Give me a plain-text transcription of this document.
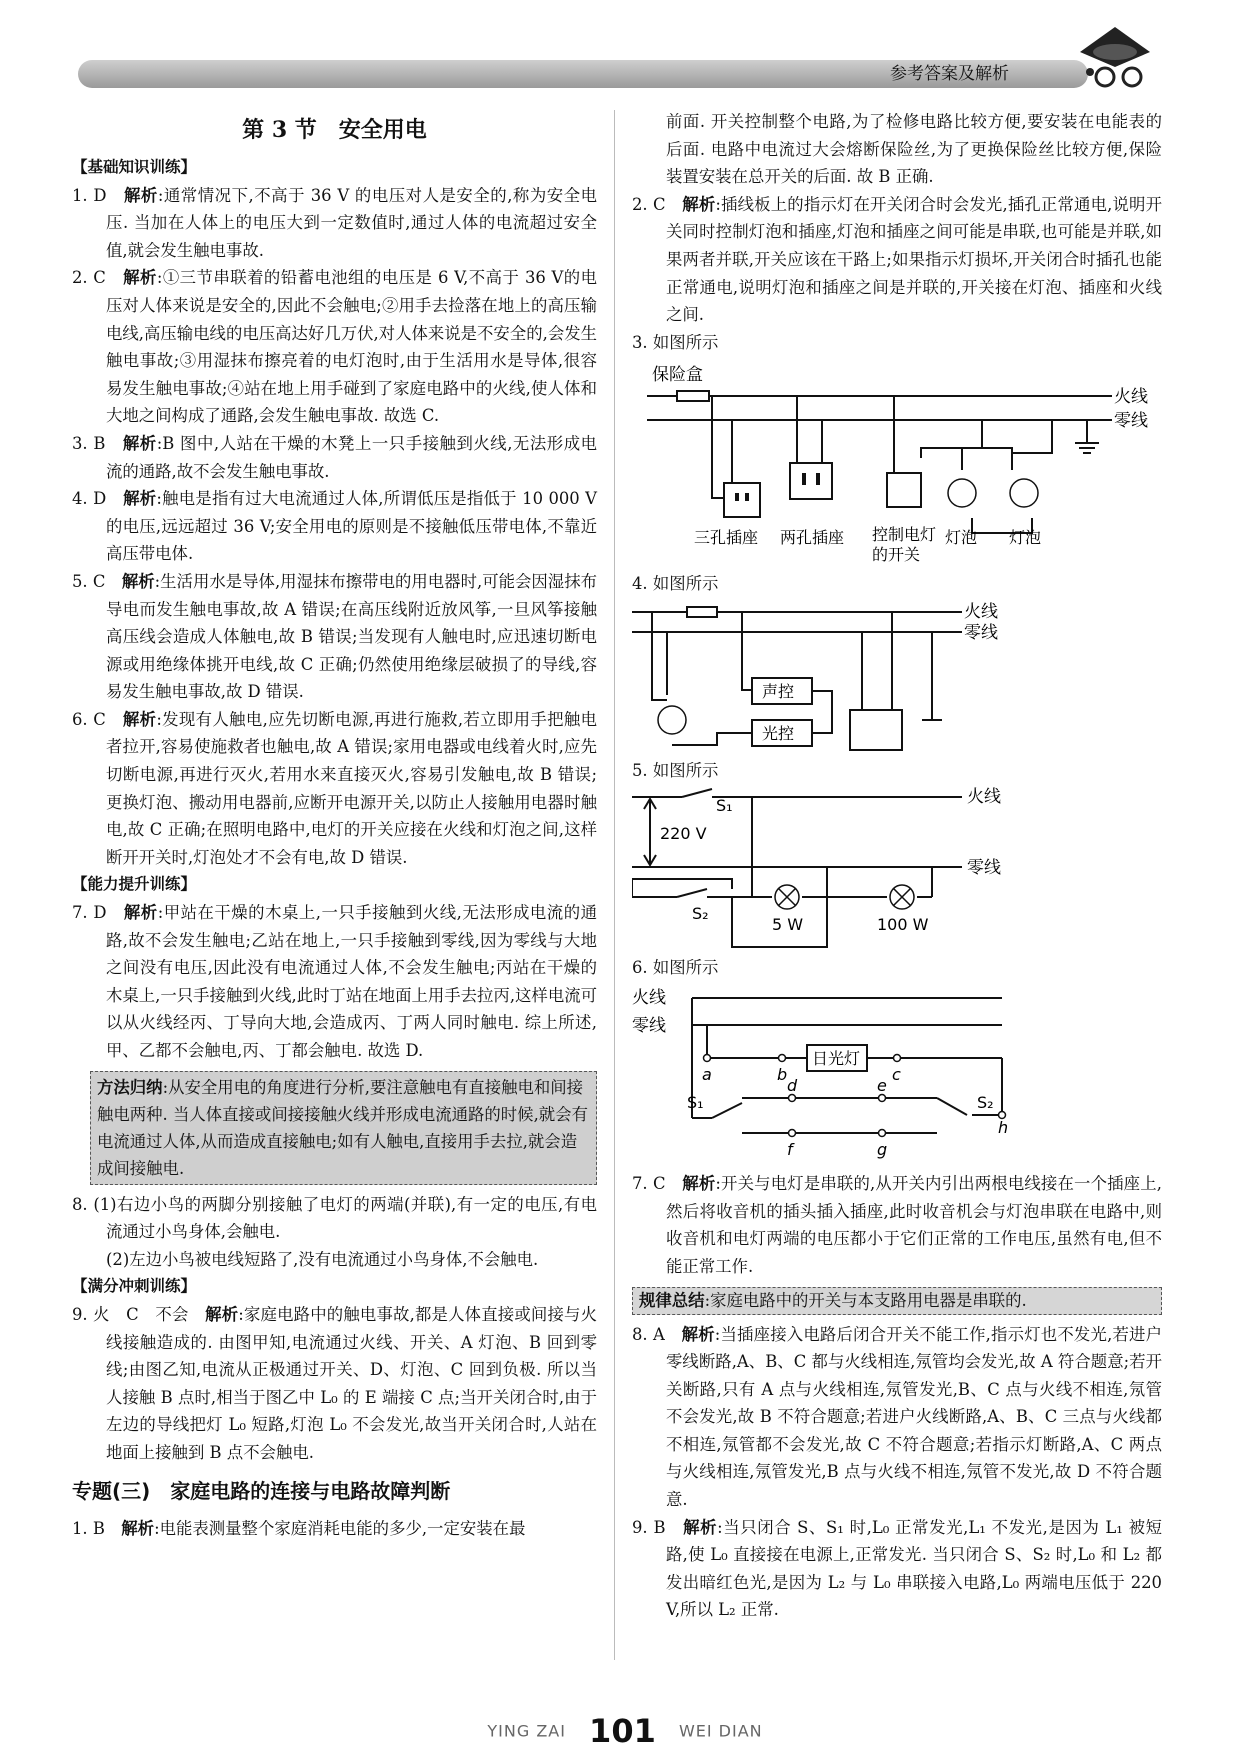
参考答案及解析

第 3 节　安全用电

【基础知识训练】

1. D　解析:通常情况下,不高于 36 V 的电压对人是安全的,称为安全电压. 当加在人体上的电压大到一定数值时,通过人体的电流超过安全值,就会发生触电事故.

2. C　解析:①三节串联着的铅蓄电池组的电压是 6 V,不高于 36 V的电压对人体来说是安全的,因此不会触电;②用手去捡落在地上的高压输电线,高压输电线的电压高达好几万伏,对人体来说是不安全的,会发生触电事故;③用湿抹布擦亮着的电灯泡时,由于生活用水是导体,很容易发生触电事故;④站在地上用手碰到了家庭电路中的火线,使人体和大地之间构成了通路,会发生触电事故. 故选 C.

3. B　解析:B 图中,人站在干燥的木凳上一只手接触到火线,无法形成电流的通路,故不会发生触电事故.

4. D　解析:触电是指有过大电流通过人体,所谓低压是指低于 10 000 V 的电压,远远超过 36 V;安全用电的原则是不接触低压带电体,不靠近高压带电体.

5. C　解析:生活用水是导体,用湿抹布擦带电的用电器时,可能会因湿抹布导电而发生触电事故,故 A 错误;在高压线附近放风筝,一旦风筝接触高压线会造成人体触电,故 B 错误;当发现有人触电时,应迅速切断电源或用绝缘体挑开电线,故 C 正确;仍然使用绝缘层破损了的导线,容易发生触电事故,故 D 错误.

6. C　解析:发现有人触电,应先切断电源,再进行施救,若立即用手把触电者拉开,容易使施救者也触电,故 A 错误;家用电器或电线着火时,应先切断电源,再进行灭火,若用水来直接灭火,容易引发触电,故 B 错误;更换灯泡、搬动用电器前,应断开电源开关,以防止人接触用电器时触电,故 C 正确;在照明电路中,电灯的开关应接在火线和灯泡之间,这样断开开关时,灯泡处才不会有电,故 D 错误.

【能力提升训练】

7. D　解析:甲站在干燥的木桌上,一只手接触到火线,无法形成电流的通路,故不会发生触电;乙站在地上,一只手接触到零线,因为零线与大地之间没有电压,因此没有电流通过人体,不会发生触电;丙站在干燥的木桌上,一只手接触到火线,此时丁站在地面上用手去拉丙,这样电流可以从火线经丙、丁导向大地,会造成丙、丁两人同时触电. 综上所述,甲、乙都不会触电,丙、丁都会触电. 故选 D.

方法归纳:从安全用电的角度进行分析,要注意触电有直接触电和间接触电两种. 当人体直接或间接接触火线并形成电流通路的时候,就会有电流通过人体,从而造成直接触电;如有人触电,直接用手去拉,就会造成间接触电.

8. (1)右边小鸟的两脚分别接触了电灯的两端(并联),有一定的电压,有电流通过小鸟身体,会触电.

(2)左边小鸟被电线短路了,没有电流通过小鸟身体,不会触电.

【满分冲刺训练】

9. 火　C　不会　解析:家庭电路中的触电事故,都是人体直接或间接与火线接触造成的. 由图甲知,电流通过火线、开关、A 灯泡、B 回到零线;由图乙知,电流从正极通过开关、D、灯泡、C 回到负极. 所以当人接触 B 点时,相当于图乙中 L₀ 的 E 端接 C 点;当开关闭合时,由于左边的导线把灯 L₀ 短路,灯泡 L₀ 不会发光,故当开关闭合时,人站在地面上接触到 B 点不会触电.

专题(三)　家庭电路的连接与电路故障判断

1. B　解析:电能表测量整个家庭消耗电能的多少,一定安装在最

前面. 开关控制整个电路,为了检修电路比较方便,要安装在电能表的后面. 电路中电流过大会熔断保险丝,为了更换保险丝比较方便,保险装置安装在总开关的后面. 故 B 正确.

2. C　解析:插线板上的指示灯在开关闭合时会发光,插孔正常通电,说明开关同时控制灯泡和插座,灯泡和插座之间可能是串联,也可能是并联,如果两者并联,开关应该在干路上;如果指示灯损坏,开关闭合时插孔也能正常通电,说明灯泡和插座之间是并联的,开关接在灯泡、插座和火线之间.

3. 如图所示

保险盒
火线
零线
三孔插座 两孔插座 控制电灯
的开关
灯泡 灯泡

4. 如图所示

火线
零线
声控
光控

5. 如图所示

S₁
S₂
220 V
火线
零线
5 W	100 W

6. 如图所示

火线
零线
日光灯
a	b	c
d	e
f	g
h
S₁	S₂

7. C　解析:开关与电灯是串联的,从开关内引出两根电线接在一个插座上,然后将收音机的插头插入插座,此时收音机会与灯泡串联在电路中,则收音机和电灯两端的电压都小于它们正常的工作电压,虽然有电,但不能正常工作.

规律总结:家庭电路中的开关与本支路用电器是串联的.

8. A　解析:当插座接入电路后闭合开关不能工作,指示灯也不发光,若进户零线断路,A、B、C 都与火线相连,氖管均会发光,故 A 符合题意;若开关断路,只有 A 点与火线相连,氖管发光,B、C 点与火线不相连,氖管不会发光,故 B 不符合题意;若进户火线断路,A、B、C 三点与火线都不相连,氖管都不会发光,故 C 不符合题意;若指示灯断路,A、C 两点与火线相连,氖管发光,B 点与火线不相连,氖管不发光,故 D 不符合题意.

9. B　解析:当只闭合 S、S₁ 时,L₀ 正常发光,L₁ 不发光,是因为 L₁ 被短路,使 L₀ 直接接在电源上,正常发光. 当只闭合 S、S₂ 时,L₀ 和 L₂ 都发出暗红色光,是因为 L₂ 与 L₀ 串联接入电路,L₀ 两端电压低于 220 V,所以 L₂ 正常.

YING ZAI 101 WEI DIAN
